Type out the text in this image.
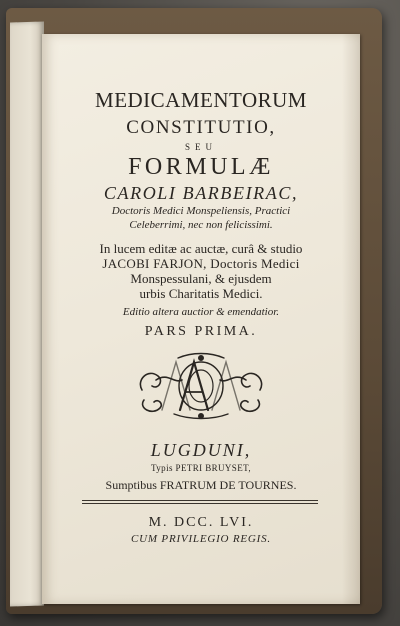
MEDICAMENTORUM
CONSTITUTIO,
SEU
FORMULÆ
CAROLI BARBEIRAC,
Doctoris Medici Monspeliensis, Practici
Celeberrimi, nec non felicissimi.
In lucem editæ ac auctæ, curâ & studio
JACOBI FARJON, Doctoris Medici
Monspessulani, & ejusdem
urbis Charitatis Medici.
Editio altera auctior & emendatior.
PARS PRIMA.
LUGDUNI,
Typis PETRI BRUYSET,
Sumptibus FRATRUM DE TOURNES.
M. DCC. LVI.
CUM PRIVILEGIO REGIS.
